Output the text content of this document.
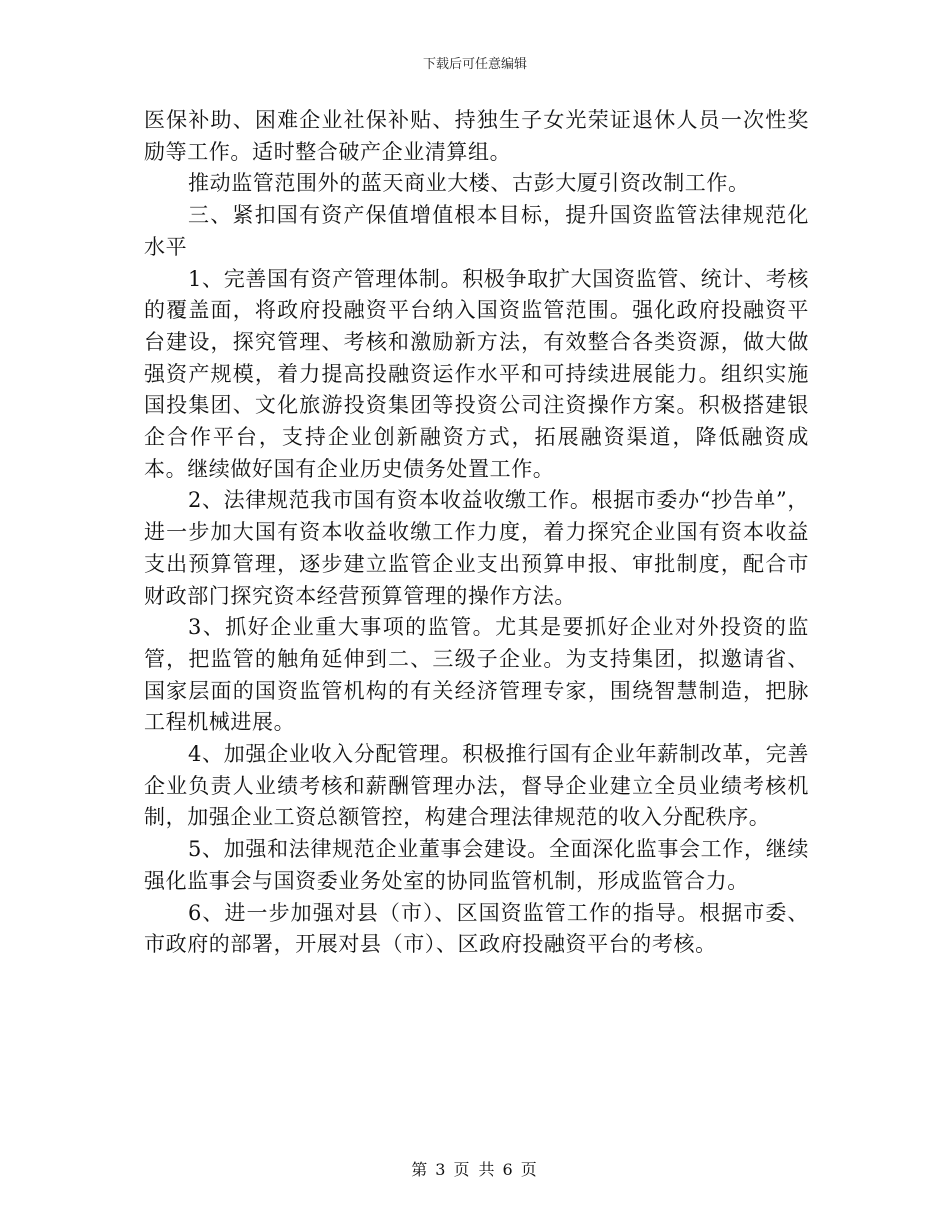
下载后可任意编辑

医保补助、困难企业社保补贴、持独生子女光荣证退休人员一次性奖励等工作。适时整合破产企业清算组。

推动监管范围外的蓝天商业大楼、古彭大厦引资改制工作。

三、紧扣国有资产保值增值根本目标，提升国资监管法律规范化水平

1、完善国有资产管理体制。积极争取扩大国资监管、统计、考核的覆盖面，将政府投融资平台纳入国资监管范围。强化政府投融资平台建设，探究管理、考核和激励新方法，有效整合各类资源，做大做强资产规模，着力提高投融资运作水平和可持续进展能力。组织实施国投集团、文化旅游投资集团等投资公司注资操作方案。积极搭建银企合作平台，支持企业创新融资方式，拓展融资渠道，降低融资成本。继续做好国有企业历史债务处置工作。

2、法律规范我市国有资本收益收缴工作。根据市委办“抄告单”，进一步加大国有资本收益收缴工作力度，着力探究企业国有资本收益支出预算管理，逐步建立监管企业支出预算申报、审批制度，配合市财政部门探究资本经营预算管理的操作方法。

3、抓好企业重大事项的监管。尤其是要抓好企业对外投资的监管，把监管的触角延伸到二、三级子企业。为支持集团，拟邀请省、国家层面的国资监管机构的有关经济管理专家，围绕智慧制造，把脉工程机械进展。

4、加强企业收入分配管理。积极推行国有企业年薪制改革，完善企业负责人业绩考核和薪酬管理办法，督导企业建立全员业绩考核机制，加强企业工资总额管控，构建合理法律规范的收入分配秩序。

5、加强和法律规范企业董事会建设。全面深化监事会工作，继续强化监事会与国资委业务处室的协同监管机制，形成监管合力。

6、进一步加强对县（市）、区国资监管工作的指导。根据市委、市政府的部署，开展对县（市）、区政府投融资平台的考核。

第 3 页 共 6 页
